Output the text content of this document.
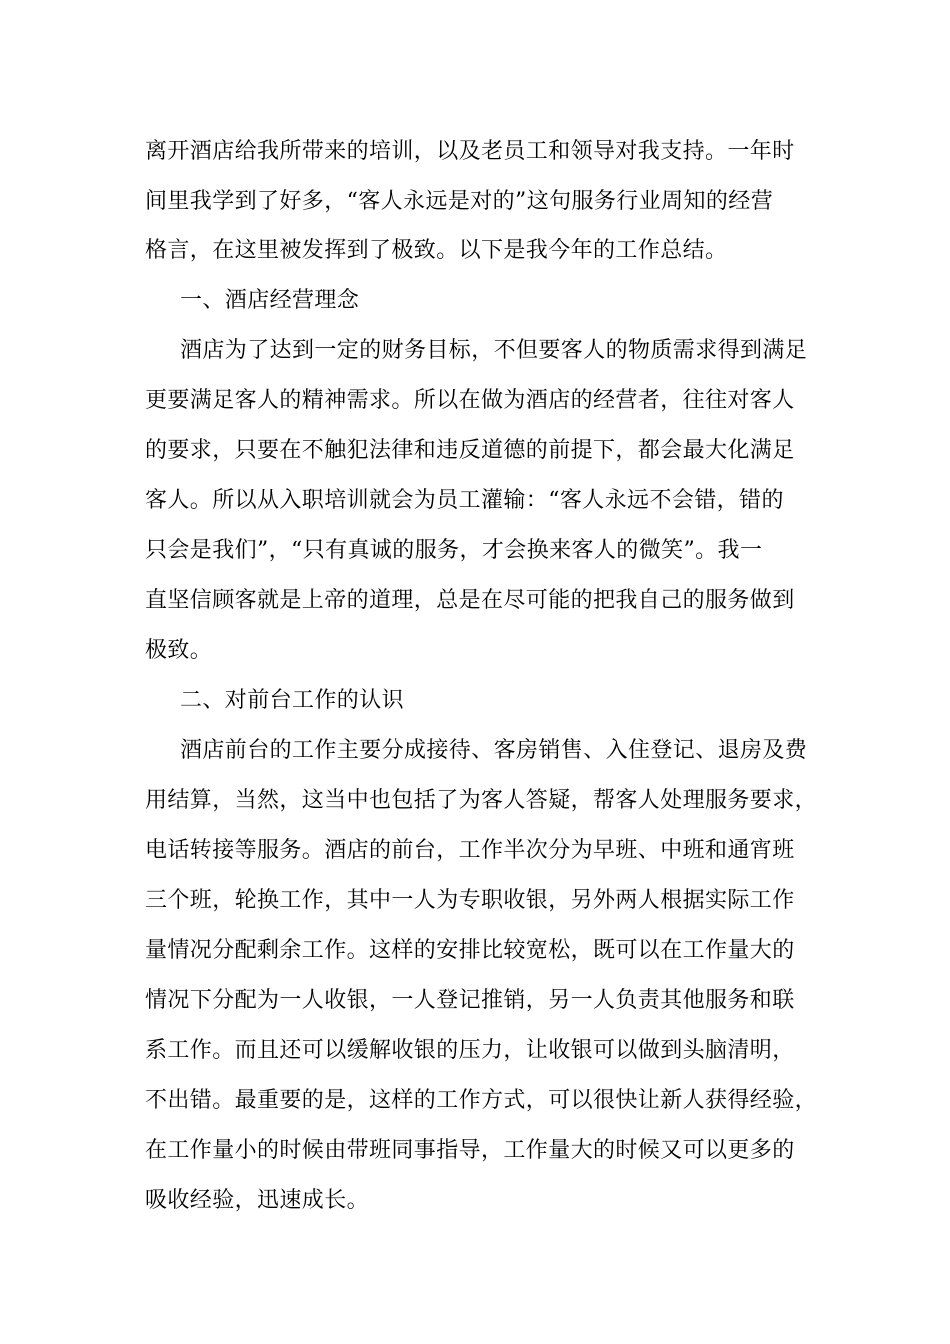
离开酒店给我所带来的培训，以及老员工和领导对我支持。一年时
间里我学到了好多，“客人永远是对的”这句服务行业周知的经营
格言，在这里被发挥到了极致。以下是我今年的工作总结。
一、酒店经营理念
酒店为了达到一定的财务目标，不但要客人的物质需求得到满足
更要满足客人的精神需求。所以在做为酒店的经营者，往往对客人
的要求，只要在不触犯法律和违反道德的前提下，都会最大化满足
客人。所以从入职培训就会为员工灌输：“客人永远不会错，错的
只会是我们”，“只有真诚的服务，才会换来客人的微笑”。我一
直坚信顾客就是上帝的道理，总是在尽可能的把我自己的服务做到
极致。
二、对前台工作的认识
酒店前台的工作主要分成接待、客房销售、入住登记、退房及费
用结算，当然，这当中也包括了为客人答疑，帮客人处理服务要求，
电话转接等服务。酒店的前台，工作半次分为早班、中班和通宵班
三个班，轮换工作，其中一人为专职收银，另外两人根据实际工作
量情况分配剩余工作。这样的安排比较宽松，既可以在工作量大的
情况下分配为一人收银，一人登记推销，另一人负责其他服务和联
系工作。而且还可以缓解收银的压力，让收银可以做到头脑清明，
不出错。最重要的是，这样的工作方式，可以很快让新人获得经验，
在工作量小的时候由带班同事指导，工作量大的时候又可以更多的
吸收经验，迅速成长。
